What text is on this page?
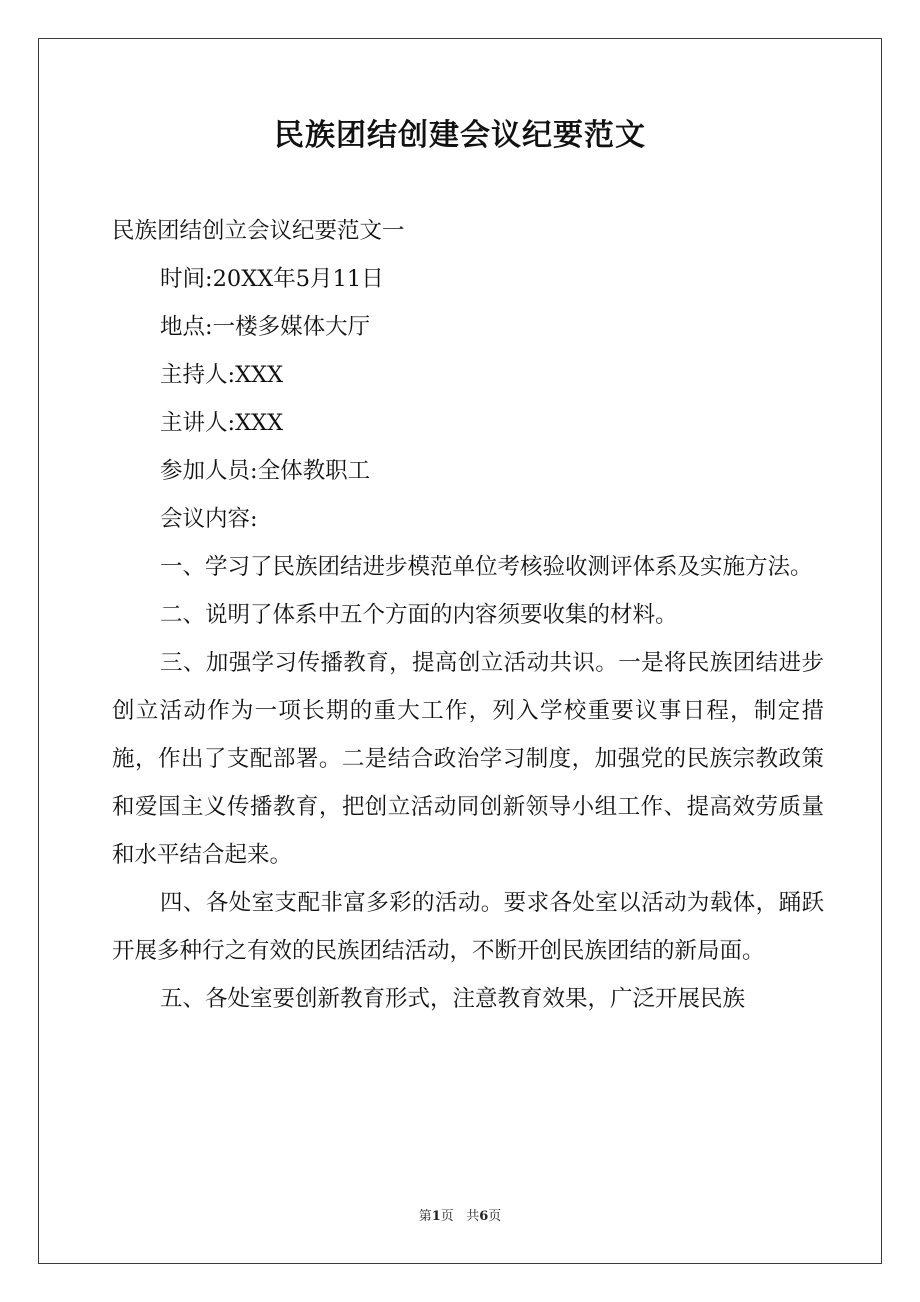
民族团结创建会议纪要范文

民族团结创立会议纪要范文一

时间:20XX年5月11日

地点:一楼多媒体大厅

主持人:XXX

主讲人:XXX

参加人员:全体教职工

会议内容:

一、学习了民族团结进步模范单位考核验收测评体系及实施方法。

二、说明了体系中五个方面的内容须要收集的材料。

三、加强学习传播教育，提高创立活动共识。一是将民族团结进步创立活动作为一项长期的重大工作，列入学校重要议事日程，制定措施，作出了支配部署。二是结合政治学习制度，加强党的民族宗教政策和爱国主义传播教育，把创立活动同创新领导小组工作、提高效劳质量和水平结合起来。

四、各处室支配非富多彩的活动。要求各处室以活动为载体，踊跃开展多种行之有效的民族团结活动，不断开创民族团结的新局面。

五、各处室要创新教育形式，注意教育效果，广泛开展民族

第1页 共6页
